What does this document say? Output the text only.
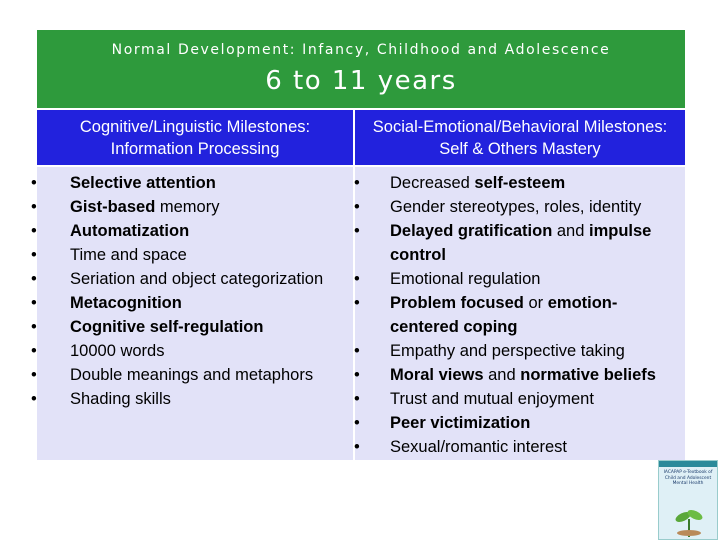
Normal Development: Infancy, Childhood and Adolescence
6 to 11 years
Cognitive/Linguistic Milestones: Information Processing
• Selective attention
• Gist-based memory
• Automatization
• Time and space
• Seriation and object categorization
• Metacognition
• Cognitive self-regulation
• 10000 words
• Double meanings and metaphors
• Shading skills
Social-Emotional/Behavioral Milestones: Self & Others Mastery
• Decreased self-esteem
• Gender stereotypes, roles, identity
• Delayed gratification and impulse control
• Emotional regulation
• Problem focused or emotion-centered coping
• Empathy and perspective taking
• Moral views and normative beliefs
• Trust and mutual enjoyment
• Peer victimization
• Sexual/romantic interest
IACAPAP e-Textbook of Child and Adolescent Mental Health
